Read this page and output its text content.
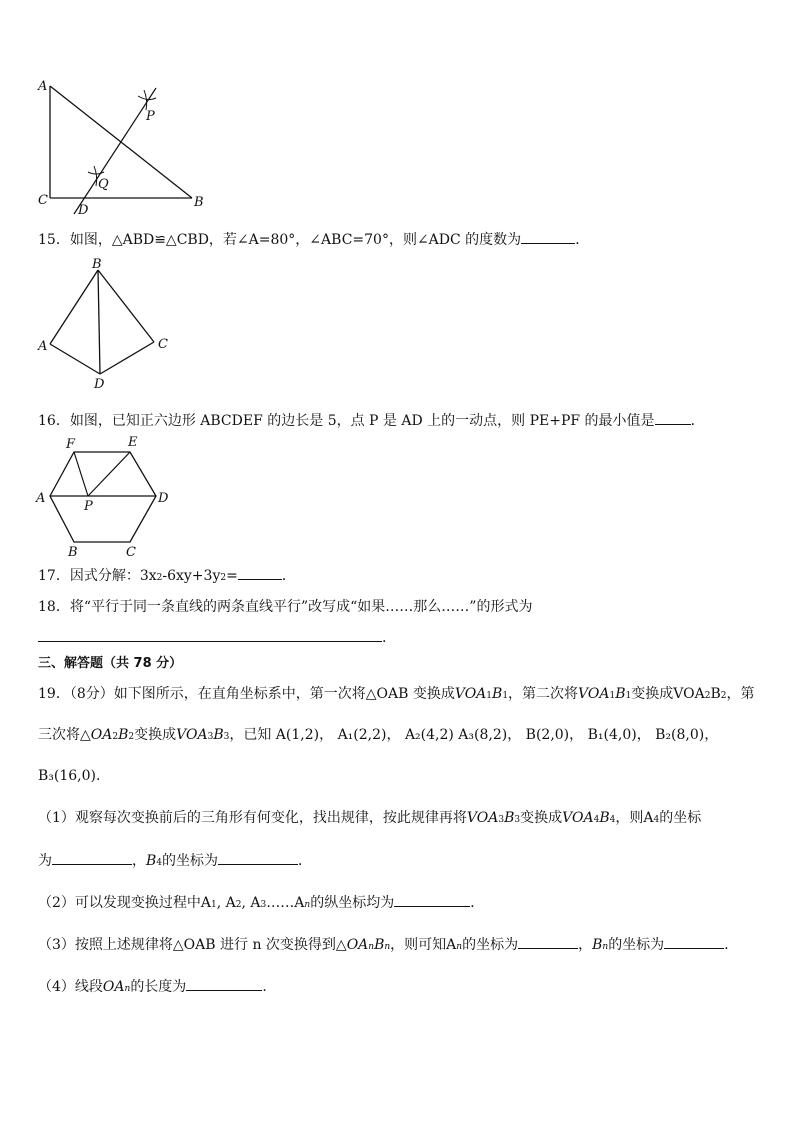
A
C	B
D
P
Q
15．如图，△ABD≌△CBD，若∠A=80°，∠ABC=70°，则∠ADC 的度数为	．
B
A	C
D
16．如图，已知正六边形 ABCDEF 的边长是 5，点 P 是 AD 上的一动点，则 PE+PF 的最小值是	．
F	E
A	D
P
B	C
17．因式分解：3x2-6xy+3y2=	．
18．将“平行于同一条直线的两条直线平行”改写成“如果……那么……”的形式为
.
三、解答题（共 78 分）
19．（8分）如下图所示，在直角坐标系中，第一次将△OAB 变换成VOA1B1，第二次将VOA1B1变换成VOA2B2，第
三次将△OA2B2变换成VOA3B3，已知 A(1,2)， A₁(2,2)， A₂(4,2) A₃(8,2)， B(2,0)， B₁(4,0)， B₂(8,0)，
B₃(16,0)．
（1）观察每次变换前后的三角形有何变化，找出规律，按此规律再将VOA3B3变换成VOA4B4，则A4的坐标
为	，B4的坐标为	．
（2）可以发现变换过程中A1, A2, A3……An的纵坐标均为	．
（3）按照上述规律将△OAB 进行 n 次变换得到△OAnBn，则可知An的坐标为	，Bn的坐标为	．
（4）线段OAn的长度为	．
